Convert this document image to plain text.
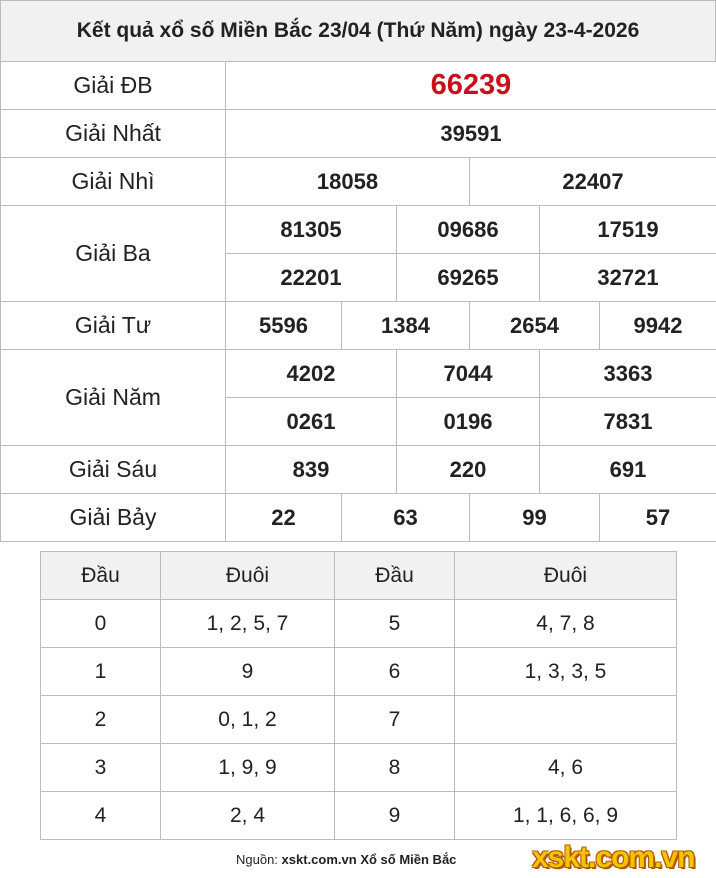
Kết quả xổ số Miền Bắc 23/04 (Thứ Năm) ngày 23-4-2026
Giải ĐB	66239					
Giải Nhất	39591					
Giải Nhì	18058			22407		
Giải Ba	81305		09686		17519	
	22201		69265		32721	
Giải Tư	5596	1384		2654		9942
Giải Năm	4202		7044		3363	
	0261		0196		7831	
Giải Sáu	839		220		691	
Giải Bảy	22	63		99		57
Đầu	Đuôi	Đầu	Đuôi
0	1, 2, 5, 7	5	4, 7, 8
1	9	6	1, 3, 3, 5
2	0, 1, 2	7	
3	1, 9, 9	8	4, 6
4	2, 4	9	1, 1, 6, 6, 9
Nguồn: xskt.com.vn Xổ số Miền Bắc	xskt.com.vn
